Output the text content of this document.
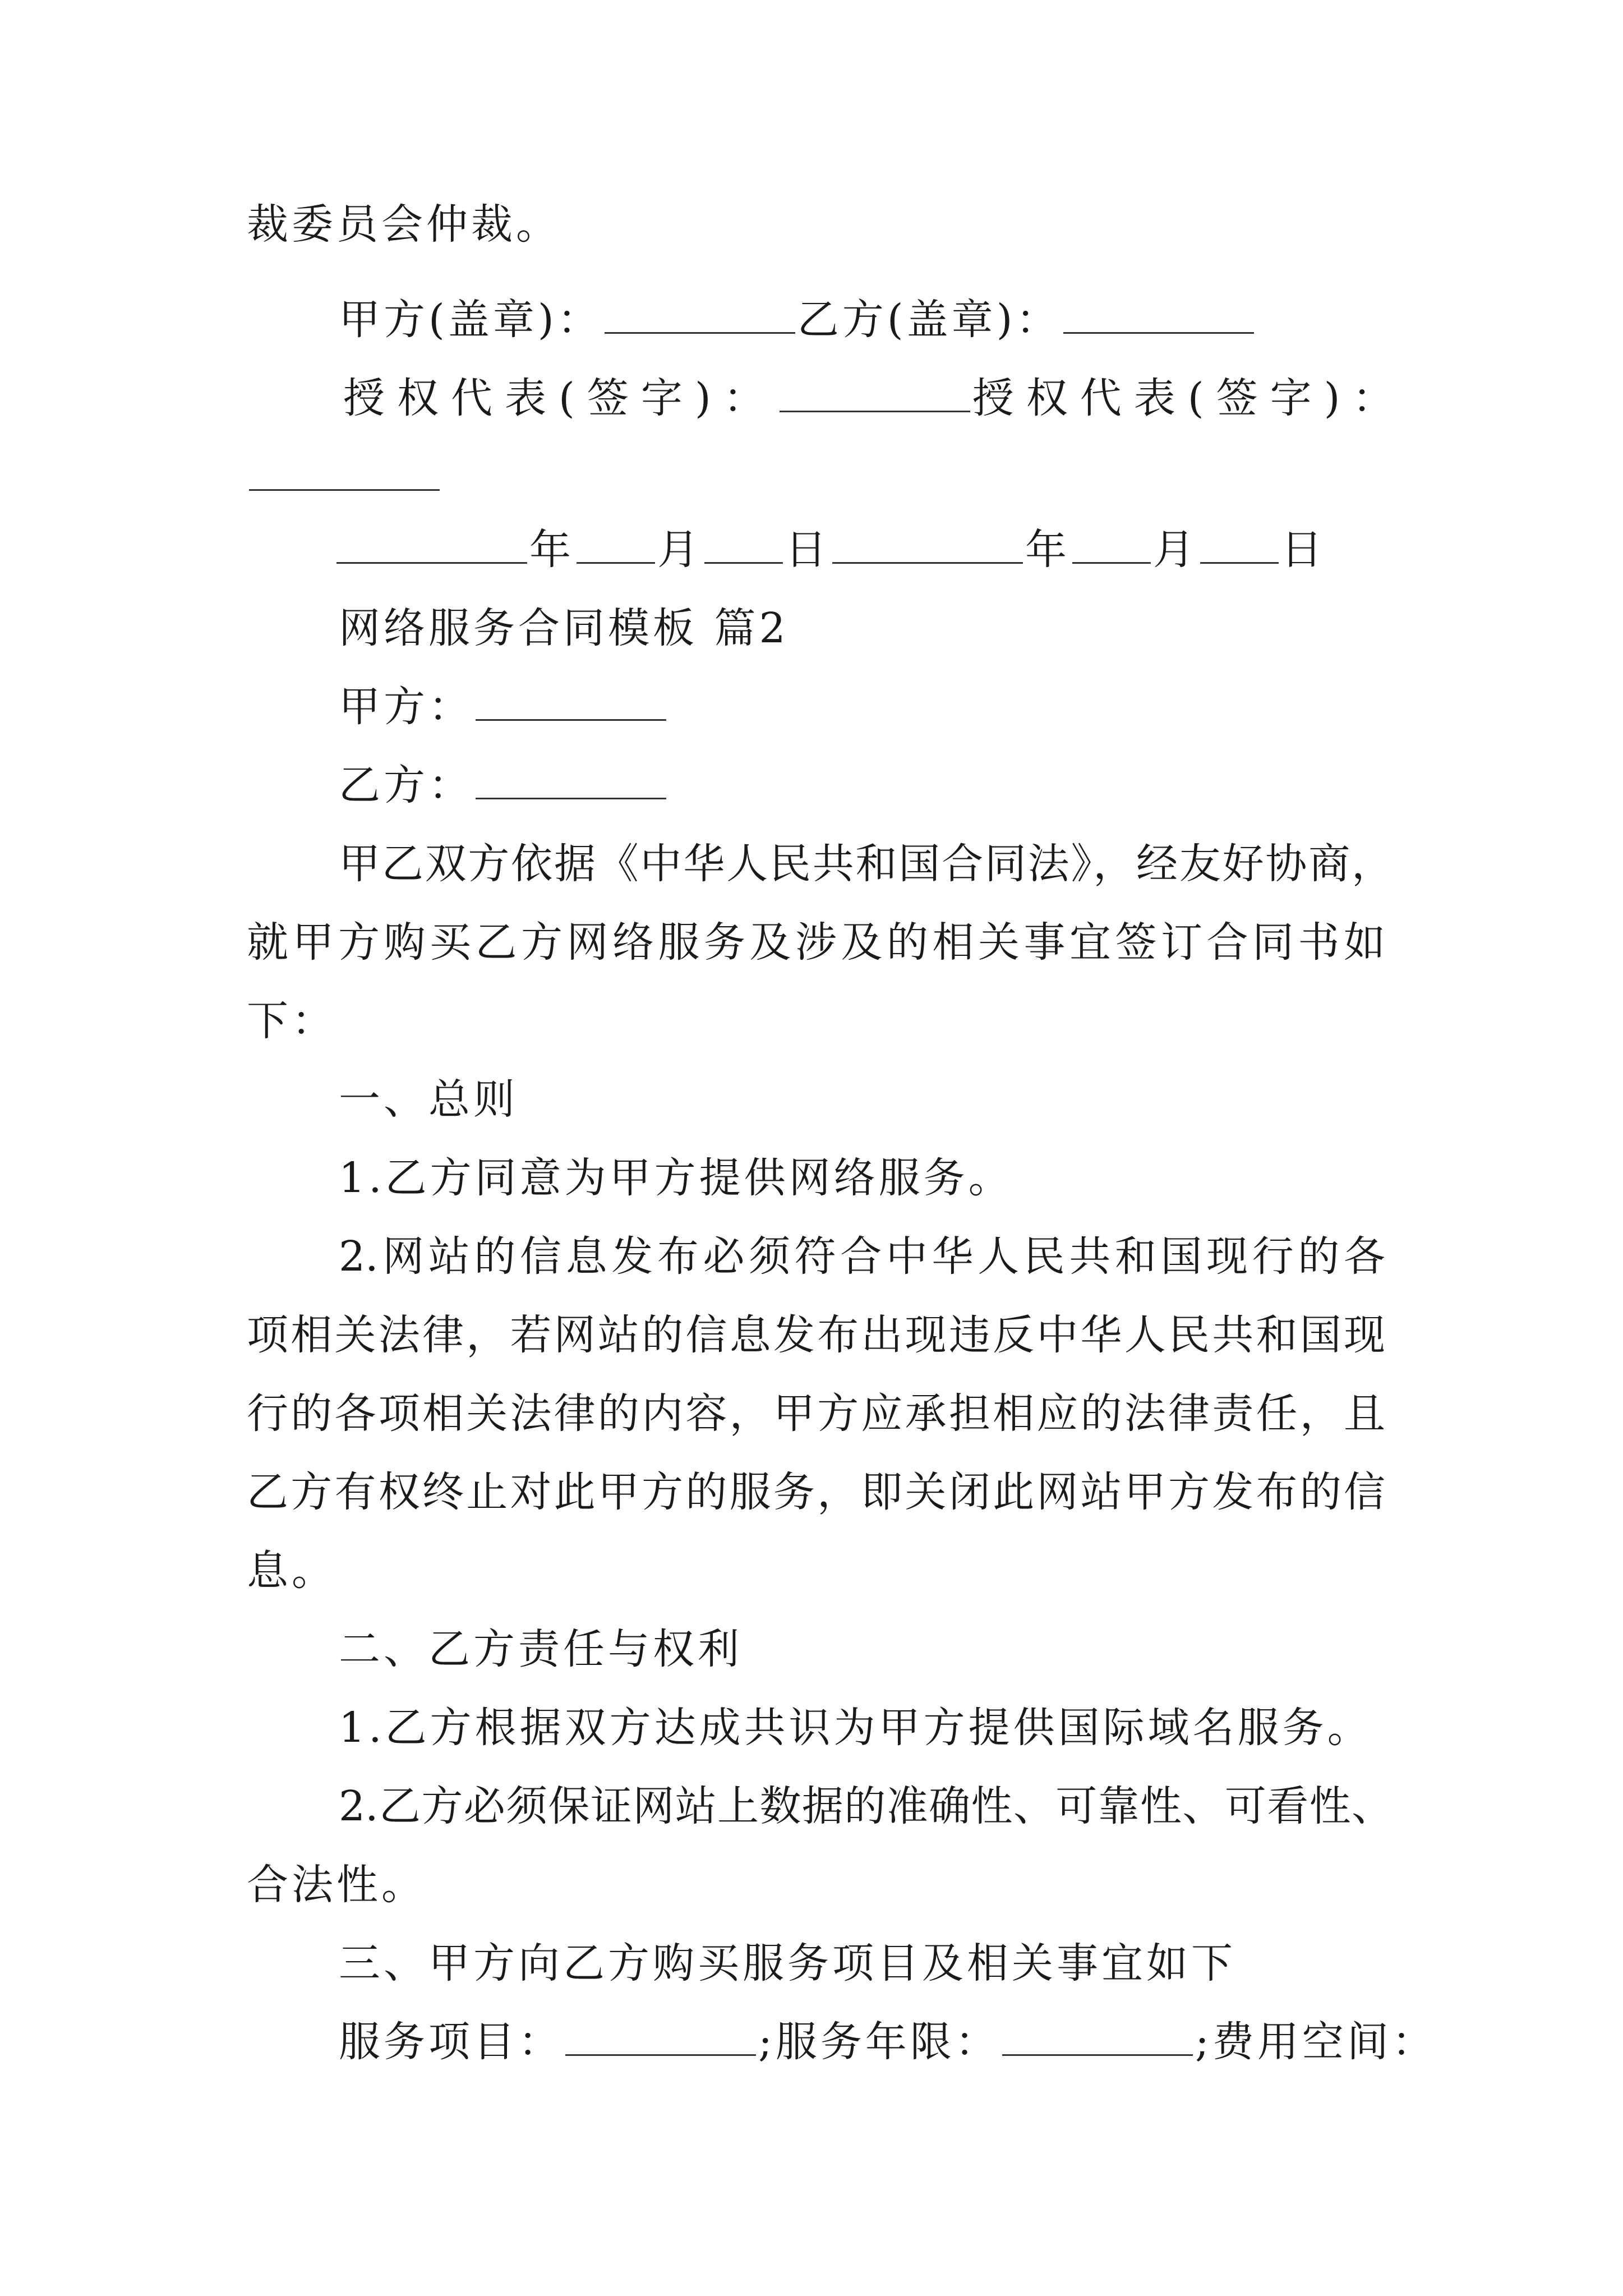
裁委员会仲裁。
甲方(盖章)：	乙方(盖章)：
授权代表(签字)：	授权代表(签字)：
年 月 日	年 月 日
网络服务合同模板 篇2
甲方：
乙方：
甲乙双方依据《中华人民共和国合同法》，经友好协商，
就甲方购买乙方网络服务及涉及的相关事宜签订合同书如
下：
一、总则
1.乙方同意为甲方提供网络服务。
2.网站的信息发布必须符合中华人民共和国现行的各
项相关法律，若网站的信息发布出现违反中华人民共和国现
行的各项相关法律的内容，甲方应承担相应的法律责任，且
乙方有权终止对此甲方的服务，即关闭此网站甲方发布的信
息。
二、乙方责任与权利
1.乙方根据双方达成共识为甲方提供国际域名服务。
2.乙方必须保证网站上数据的准确性、可靠性、可看性、
合法性。
三、甲方向乙方购买服务项目及相关事宜如下
服务项目：	;服务年限：	;费用空间：
